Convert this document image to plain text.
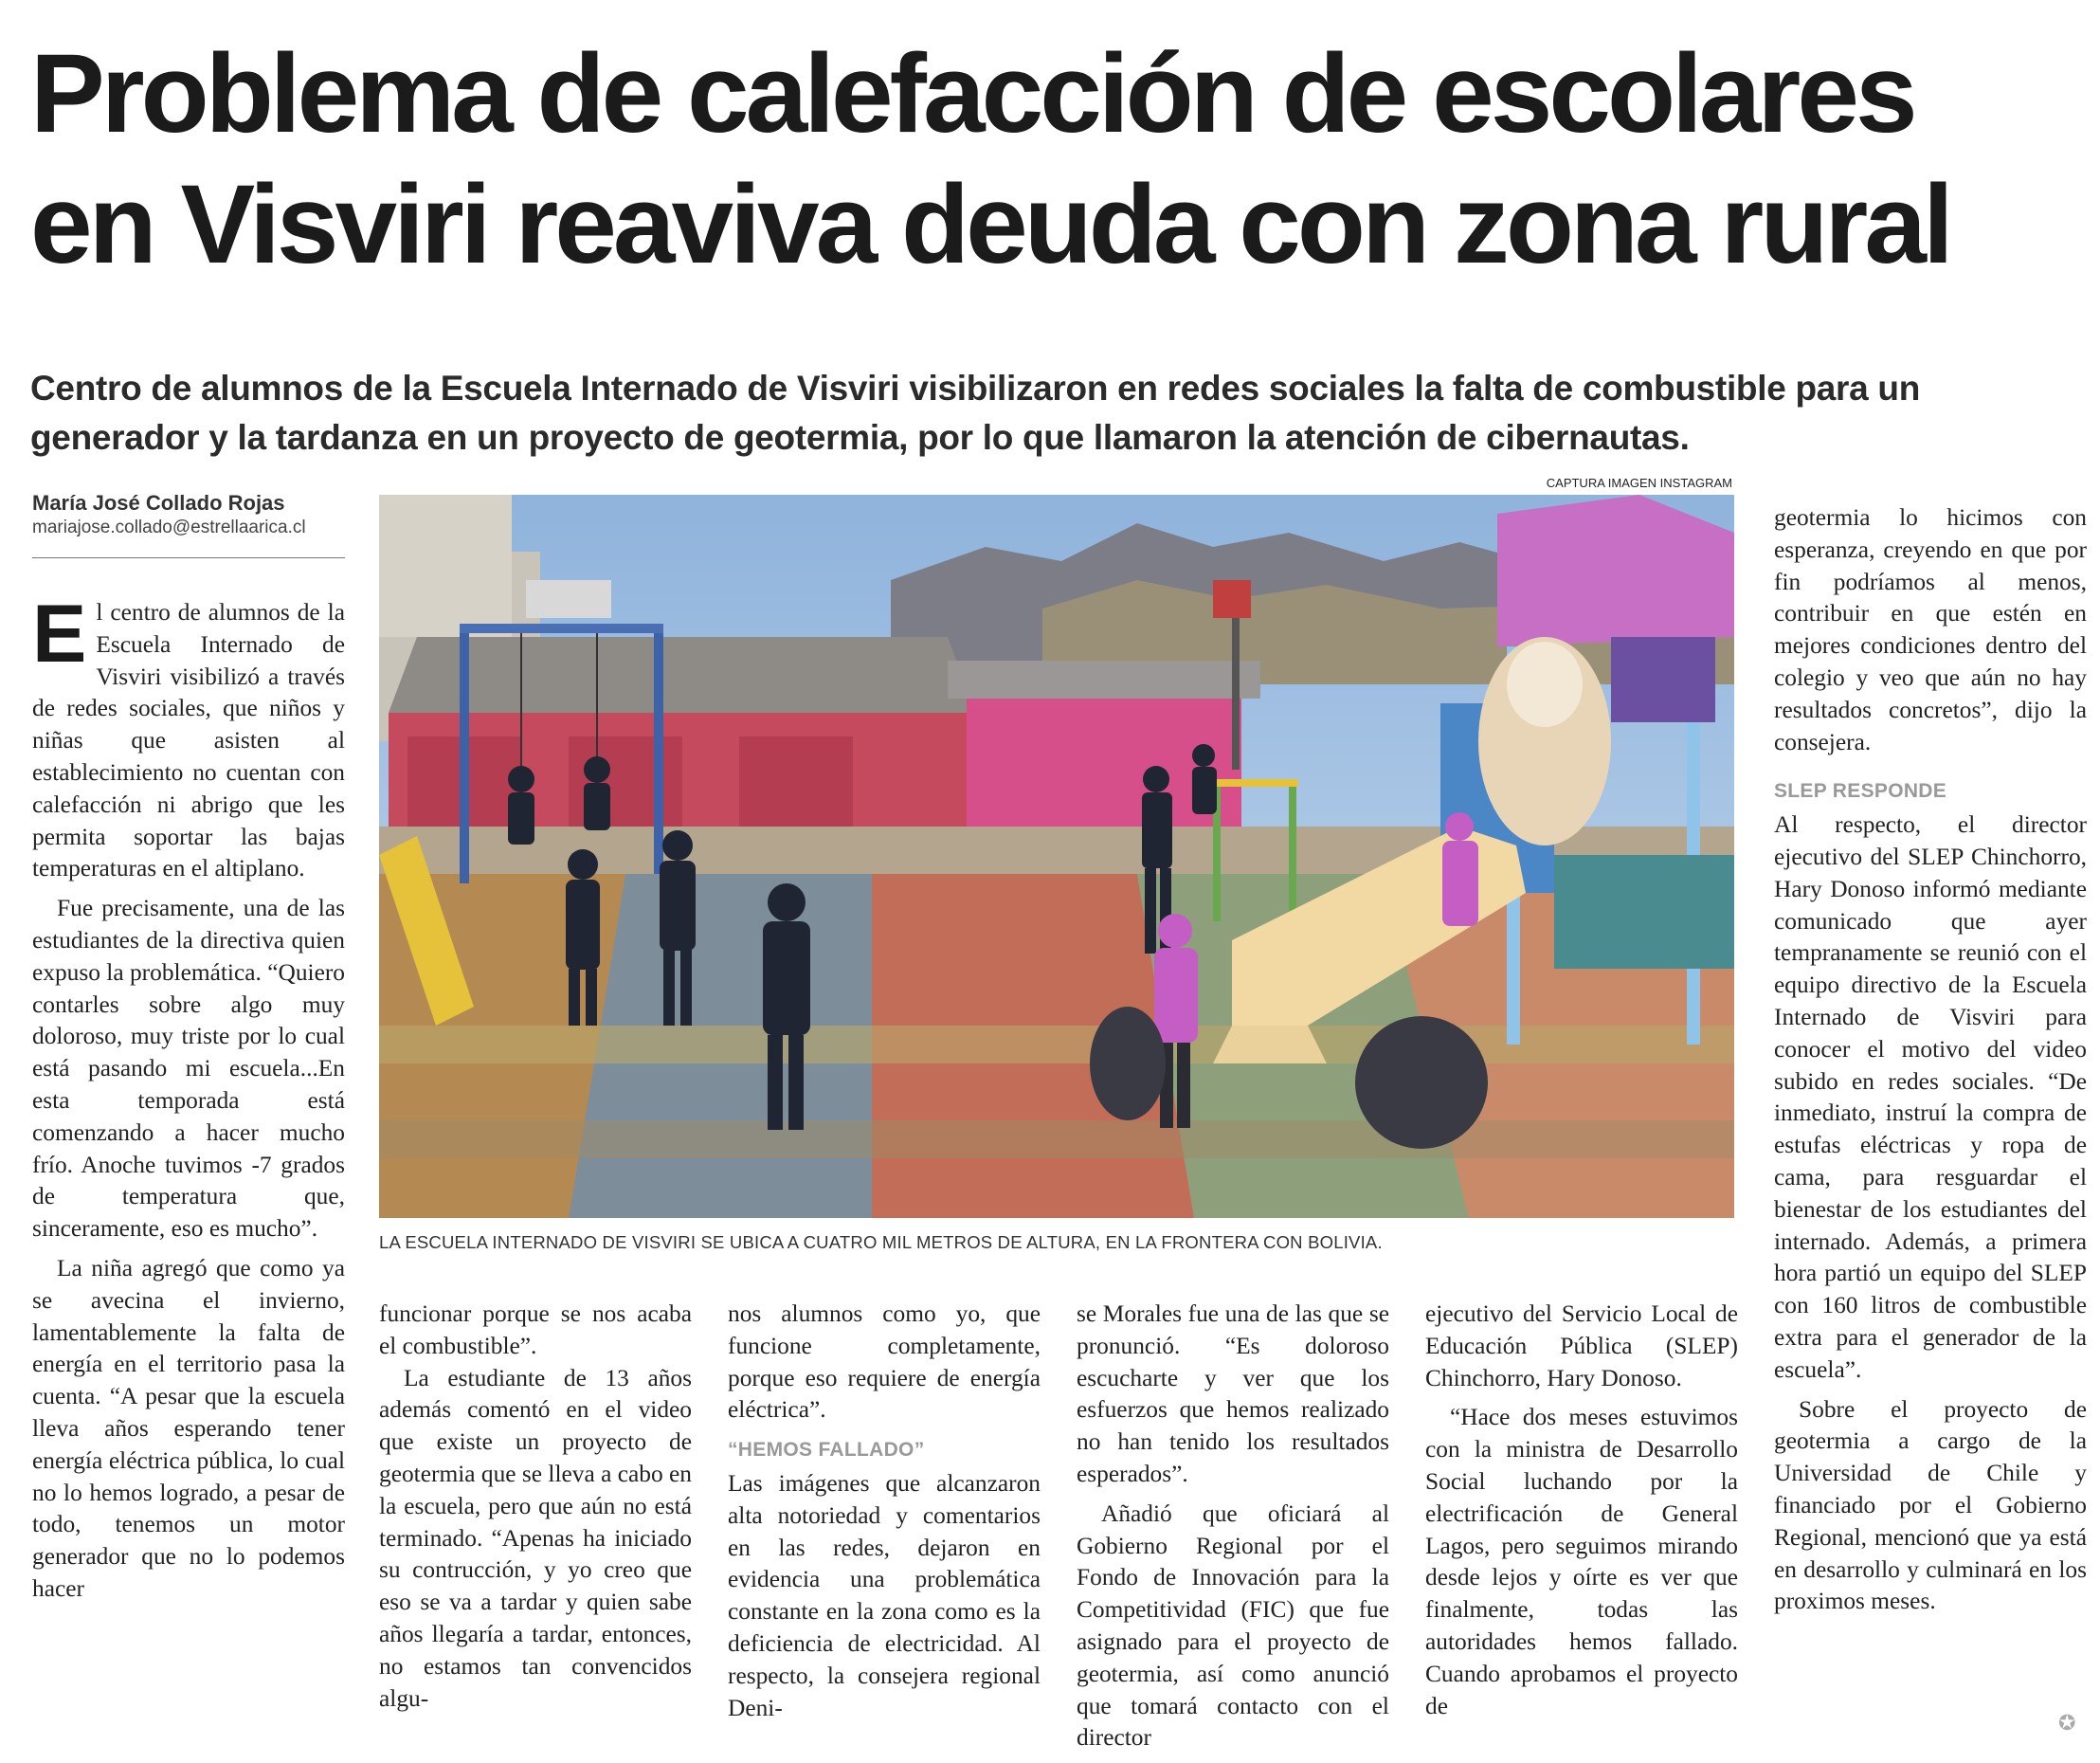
Problema de calefacción de escolares
en Visviri reaviva deuda con zona rural
Centro de alumnos de la Escuela Internado de Visviri visibilizaron en redes sociales la falta de combustible para un
generador y la tardanza en un proyecto de geotermia, por lo que llamaron la atención de cibernautas.
María José Collado Rojas
mariajose.collado@estrellaarica.cl
CAPTURA IMAGEN INSTAGRAM
LA ESCUELA INTERNADO DE VISVIRI SE UBICA A CUATRO MIL METROS DE ALTURA, EN LA FRONTERA CON BOLIVIA.
E l centro de alumnos de la Escuela Internado de Visviri visibilizó a través de redes sociales, que niños y niñas que asisten al establecimiento no cuentan con calefacción ni abrigo que les permita soportar las bajas temperaturas en el altiplano.

Fue precisamente, una de las estudiantes de la directiva quien expuso la problemática. “Quiero contarles sobre algo muy doloroso, muy triste por lo cual está pasando mi escuela...En esta temporada está comenzando a hacer mucho frío. Anoche tuvimos -7 grados de temperatura que, sinceramente, eso es mucho”.

La niña agregó que como ya se avecina el invierno, lamentablemente la falta de energía en el territorio pasa la cuenta. “A pesar que la escuela lleva años esperando tener energía eléctrica pública, lo cual no lo hemos logrado, a pesar de todo, tenemos un motor generador que no lo podemos hacer

funcionar porque se nos acaba el combustible”.

La estudiante de 13 años además comentó en el video que existe un proyecto de geotermia que se lleva a cabo en la escuela, pero que aún no está terminado. “Apenas ha iniciado su contrucción, y yo creo que eso se va a tardar y quien sabe años llegaría a tardar, entonces, no estamos tan convencidos algu-

nos alumnos como yo, que funcione completamente, porque eso requiere de energía eléctrica”.

“HEMOS FALLADO”

Las imágenes que alcanzaron alta notoriedad y comentarios en las redes, dejaron en evidencia una problemática constante en la zona como es la deficiencia de electricidad. Al respecto, la consejera regional Deni-

se Morales fue una de las que se pronunció. “Es doloroso escucharte y ver que los esfuerzos que hemos realizado no han tenido los resultados esperados”.

Añadió que oficiará al Gobierno Regional por el Fondo de Innovación para la Competitividad (FIC) que fue asignado para el proyecto de geotermia, así como anunció que tomará contacto con el director

ejecutivo del Servicio Local de Educación Pública (SLEP) Chinchorro, Hary Donoso.

“Hace dos meses estuvimos con la ministra de Desarrollo Social luchando por la electrificación de General Lagos, pero seguimos mirando desde lejos y oírte es ver que finalmente, todas las autoridades hemos fallado. Cuando aprobamos el proyecto de

geotermia lo hicimos con esperanza, creyendo en que por fin podríamos al menos, contribuir en que estén en mejores condiciones dentro del colegio y veo que aún no hay resultados concretos”, dijo la consejera.

SLEP RESPONDE

Al respecto, el director ejecutivo del SLEP Chinchorro, Hary Donoso informó mediante comunicado que ayer tempranamente se reunió con el equipo directivo de la Escuela Internado de Visviri para conocer el motivo del video subido en redes sociales. “De inmediato, instruí la compra de estufas eléctricas y ropa de cama, para resguardar el bienestar de los estudiantes del internado. Además, a primera hora partió un equipo del SLEP con 160 litros de combustible extra para el generador de la escuela”.

Sobre el proyecto de geotermia a cargo de la Universidad de Chile y financiado por el Gobierno Regional, mencionó que ya está en desarrollo y culminará en los proximos meses.

✪
